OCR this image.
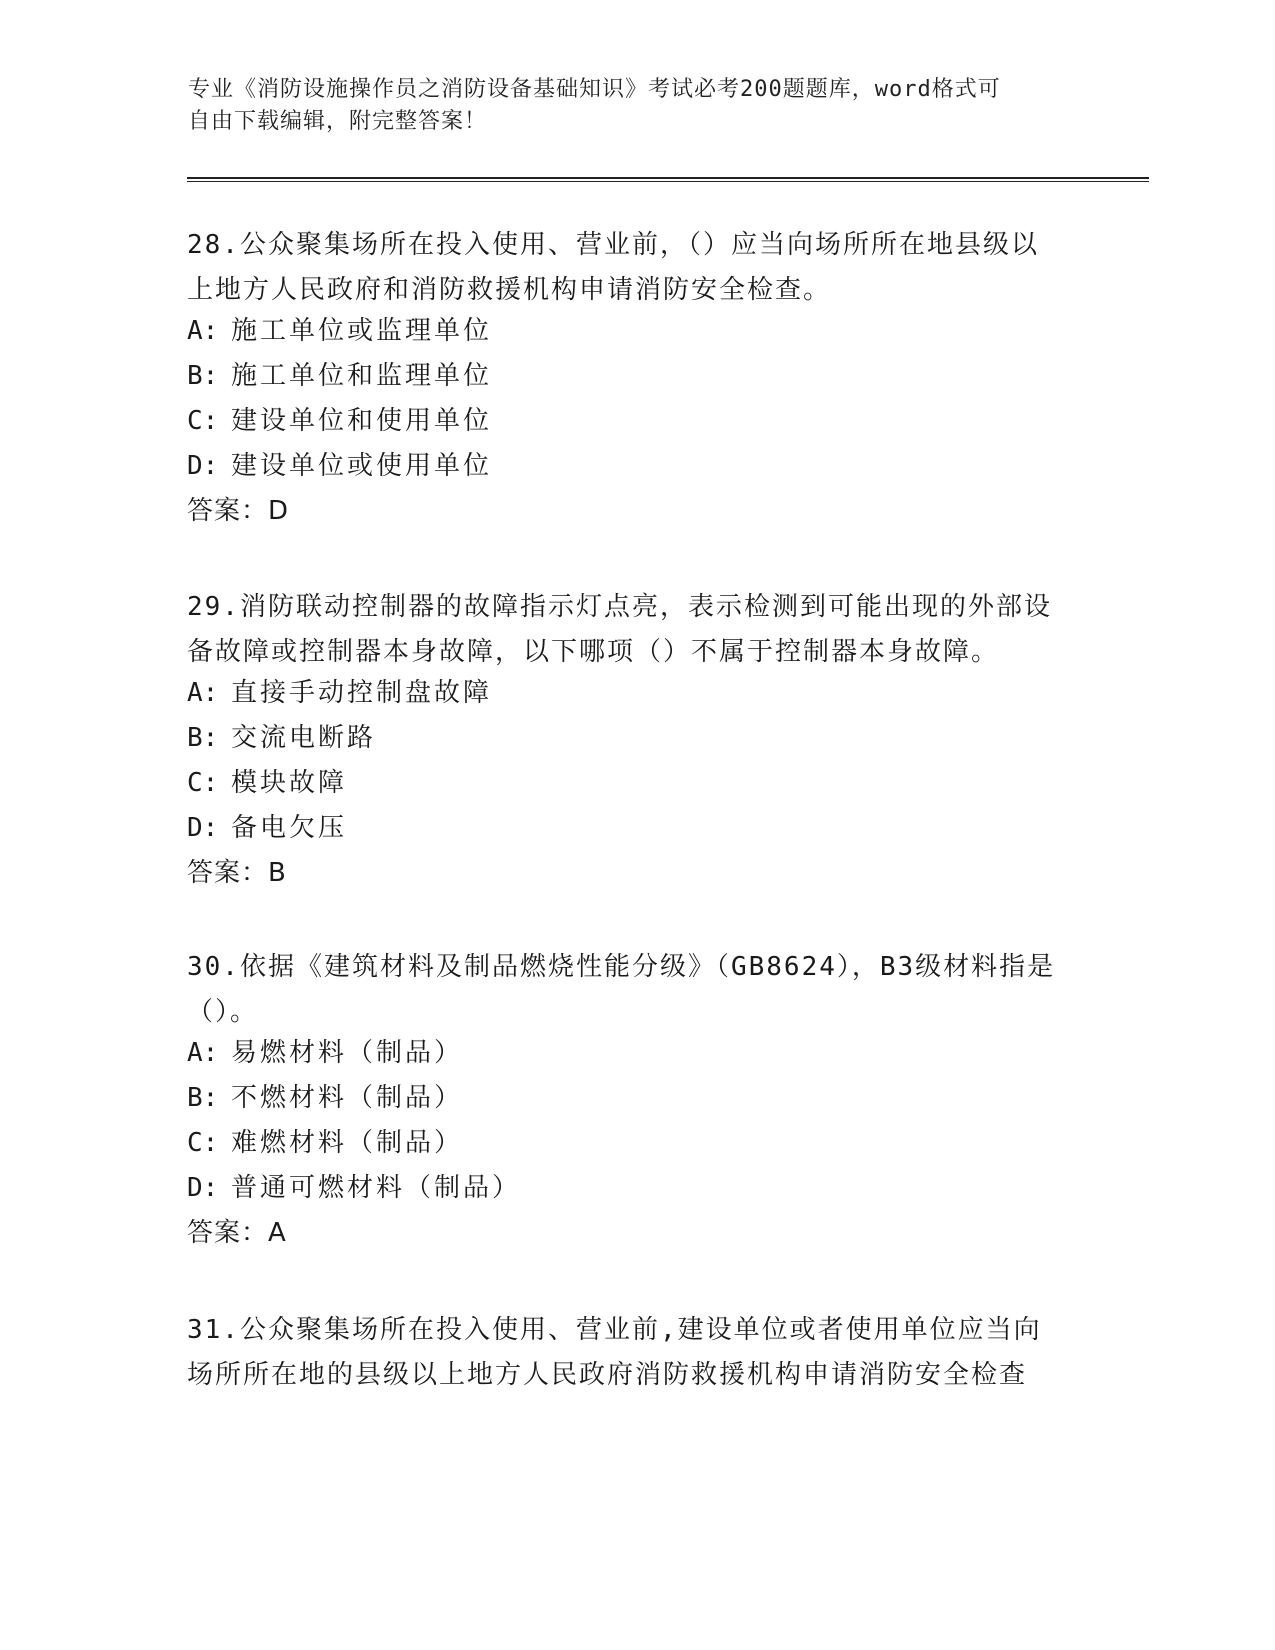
专业《消防设施操作员之消防设备基础知识》考试必考200题题库，word格式可

自由下载编辑，附完整答案！

28.公众聚集场所在投入使用、营业前，（）应当向场所所在地县级以

上地方人民政府和消防救援机构申请消防安全检查。

A: 施工单位或监理单位
B: 施工单位和监理单位
C: 建设单位和使用单位
D: 建设单位或使用单位
答案：D

29.消防联动控制器的故障指示灯点亮，表示检测到可能出现的外部设

备故障或控制器本身故障，以下哪项（）不属于控制器本身故障。

A: 直接手动控制盘故障
B: 交流电断路
C: 模块故障
D: 备电欠压
答案：B

30.依据《建筑材料及制品燃烧性能分级》（GB8624），B3级材料指是

（）。

A: 易燃材料（制品）
B: 不燃材料（制品）
C: 难燃材料（制品）
D: 普通可燃材料（制品）
答案：A

31.公众聚集场所在投入使用、营业前,建设单位或者使用单位应当向

场所所在地的县级以上地方人民政府消防救援机构申请消防安全检查
